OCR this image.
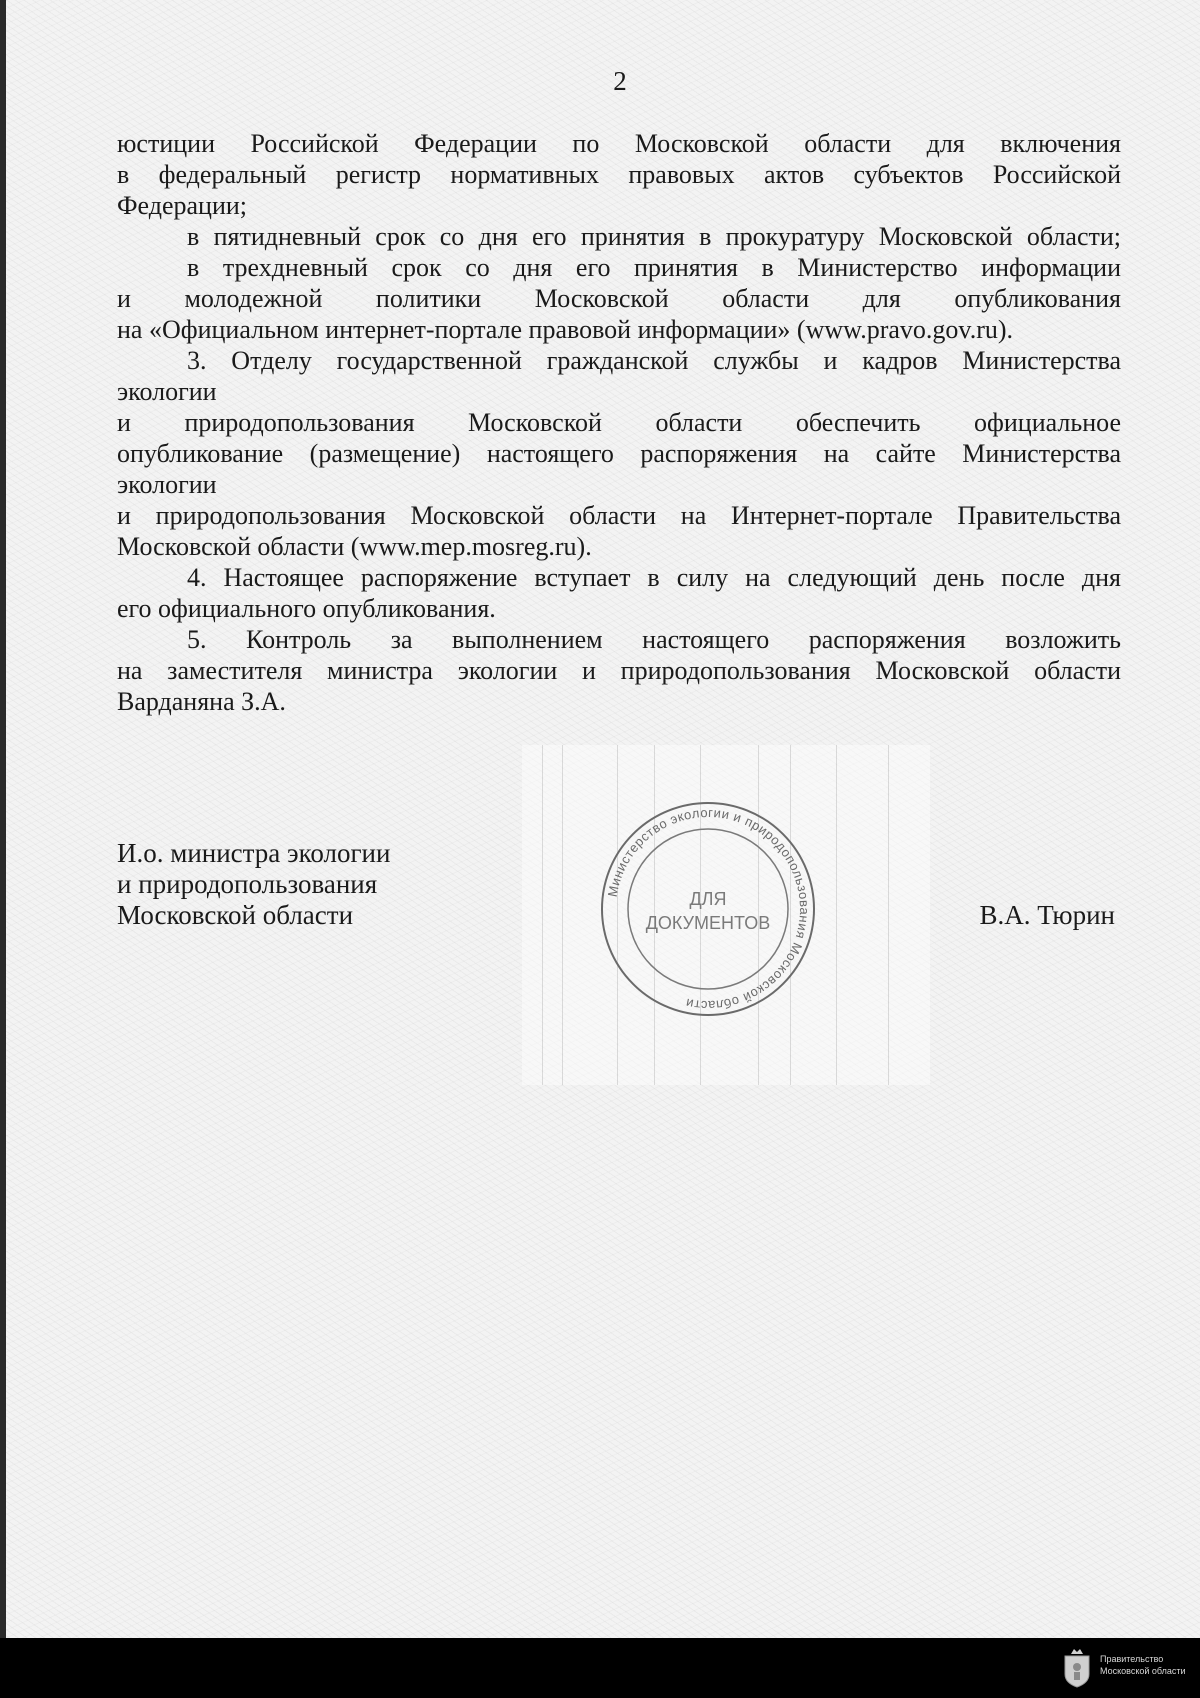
2
юстиции Российской Федерации по Московской области для включения
в федеральный регистр нормативных правовых актов субъектов Российской
Федерации;
в пятидневный срок со дня его принятия в прокуратуру Московской области;
в трехдневный срок со дня его принятия в Министерство информации
и молодежной политики Московской области для опубликования
на «Официальном интернет-портале правовой информации» (www.pravo.gov.ru).
3. Отделу государственной гражданской службы и кадров Министерства
экологии
и природопользования Московской области обеспечить официальное
опубликование (размещение) настоящего распоряжения на сайте Министерства
экологии
и природопользования Московской области на Интернет-портале Правительства
Московской области (www.mep.mosreg.ru).
4. Настоящее распоряжение вступает в силу на следующий день после дня
его официального опубликования.
5. Контроль за выполнением настоящего распоряжения возложить
на заместителя министра экологии и природопользования Московской области
Варданяна З.А.
Министерство экологии и природопользования Московской области
ДЛЯ
ДОКУМЕНТОВ
И.о. министра экологии
и природопользования
Московской области	В.А. Тюрин
Правительство
Московской области
